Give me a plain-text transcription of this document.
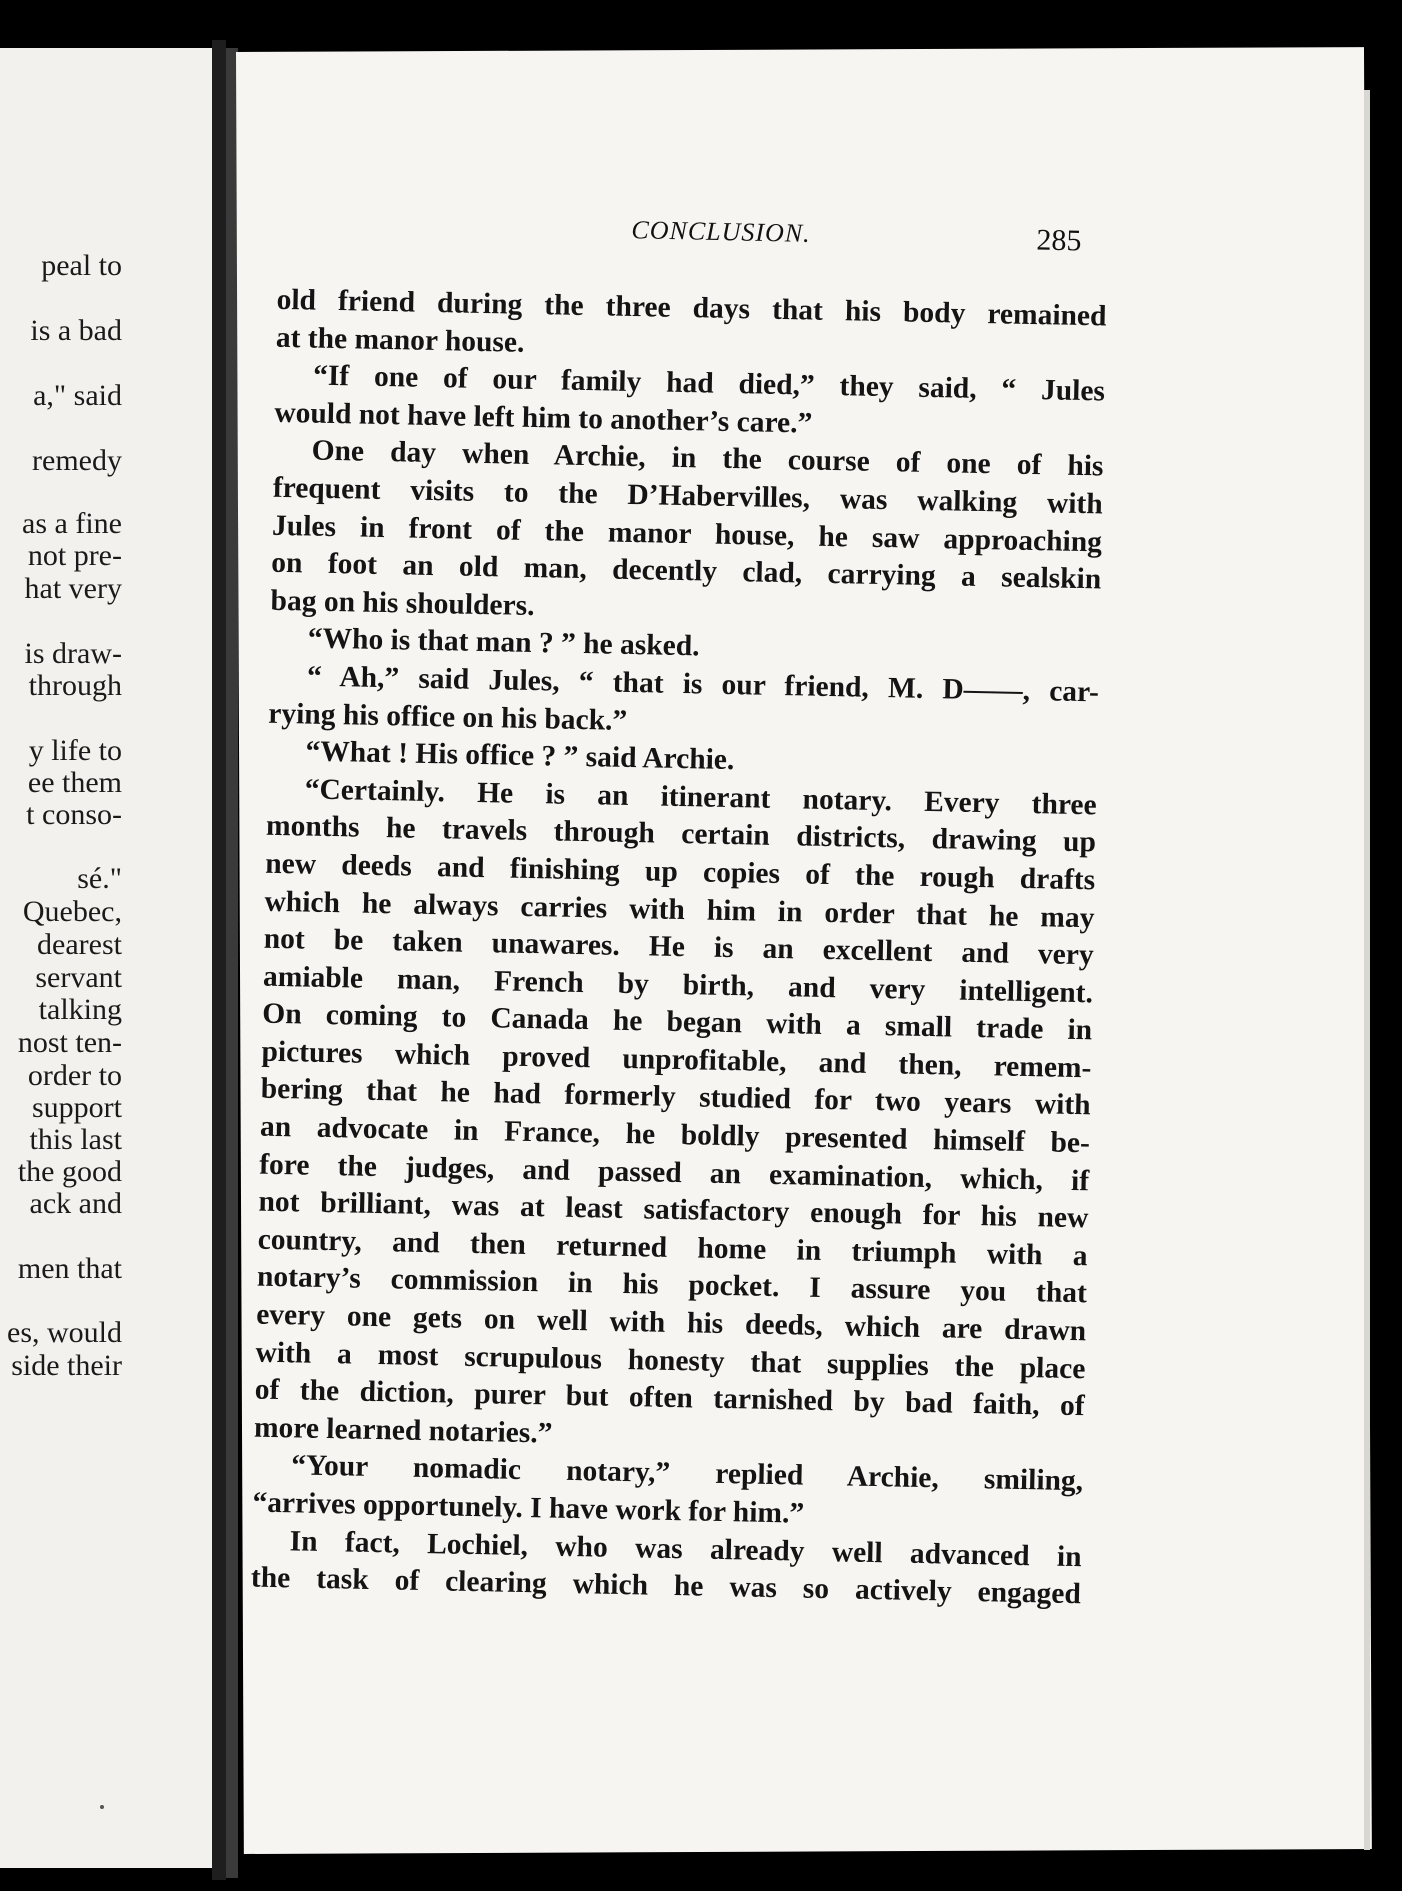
peal to
is a bad
a," said
remedy
as a fine
not pre-
hat very
is draw-
through
y life to
ee them
t conso-
sé."
Quebec,
dearest
servant
talking
nost ten-
order to
support
this last
the good
ack and
men that
es, would
side their
CONCLUSION.	285
old friend during the three days that his body remained
at the manor house.
“If one of our family had died,” they said, “ Jules
would not have left him to another’s care.”
One day when Archie, in the course of one of his
frequent visits to the D’Habervilles, was walking with
Jules in front of the manor house, he saw approaching
on foot an old man, decently clad, carrying a sealskin
bag on his shoulders.
“Who is that man ? ” he asked.
“ Ah,” said Jules, “ that is our friend, M. D——, car-
rying his office on his back.”
“What ! His office ? ” said Archie.
“Certainly. He is an itinerant notary. Every three
months he travels through certain districts, drawing up
new deeds and finishing up copies of the rough drafts
which he always carries with him in order that he may
not be taken unawares. He is an excellent and very
amiable man, French by birth, and very intelligent.
On coming to Canada he began with a small trade in
pictures which proved unprofitable, and then, remem-
bering that he had formerly studied for two years with
an advocate in France, he boldly presented himself be-
fore the judges, and passed an examination, which, if
not brilliant, was at least satisfactory enough for his new
country, and then returned home in triumph with a
notary’s commission in his pocket. I assure you that
every one gets on well with his deeds, which are drawn
with a most scrupulous honesty that supplies the place
of the diction, purer but often tarnished by bad faith, of
more learned notaries.”
“Your nomadic notary,” replied Archie, smiling,
“arrives opportunely. I have work for him.”
In fact, Lochiel, who was already well advanced in
the task of clearing which he was so actively engaged
